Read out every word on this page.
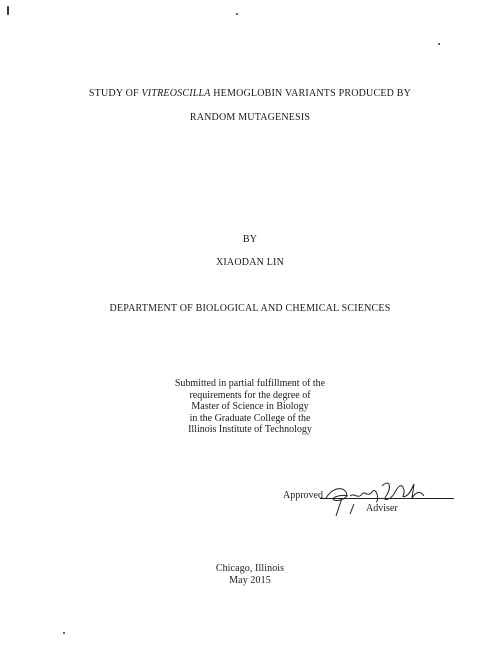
STUDY OF VITREOSCILLA HEMOGLOBIN VARIANTS PRODUCED BY
RANDOM MUTAGENESIS
BY
XIAODAN LIN
DEPARTMENT OF BIOLOGICAL AND CHEMICAL SCIENCES
Submitted in partial fulfillment of the
requirements for the degree of
Master of Science in Biology
in the Graduate College of the
Illinois Institute of Technology
Approved
Adviser
Chicago, Illinois
May 2015
